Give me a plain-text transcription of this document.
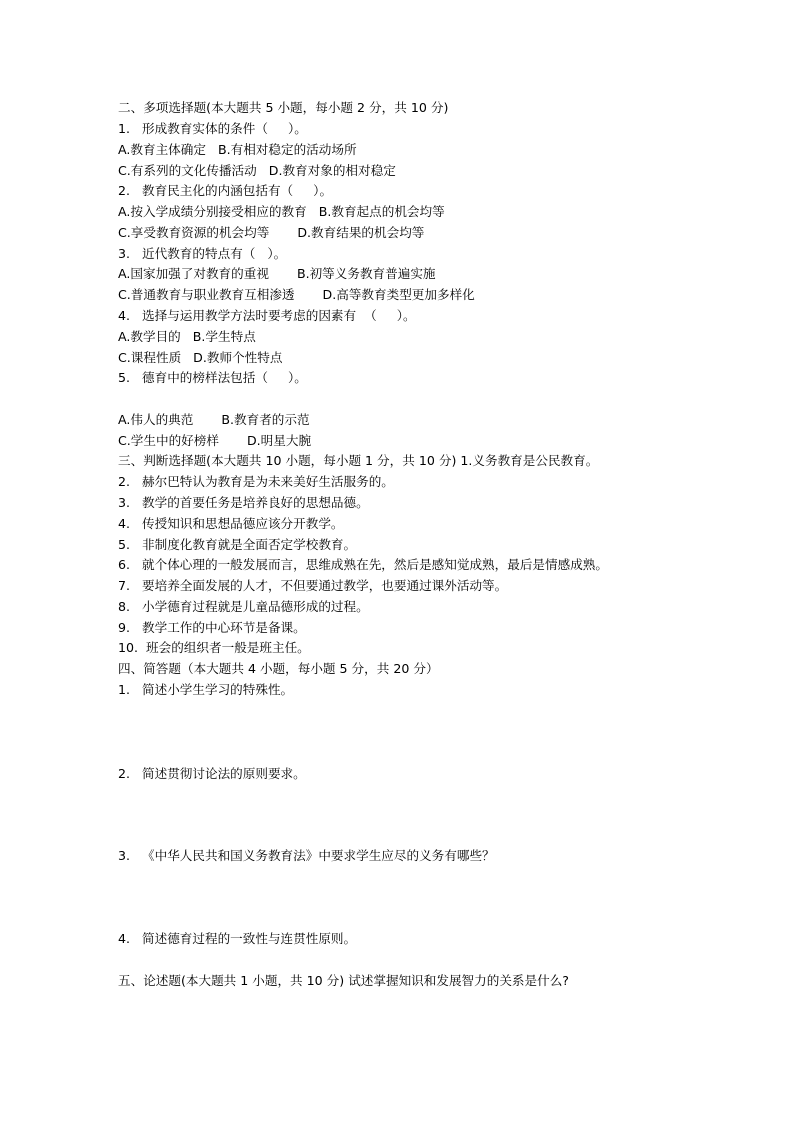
二、多项选择题(本大题共 5 小题，每小题 2 分，共 10 分)
1.   形成教育实体的条件（     ）。
A.教育主体确定   B.有相对稳定的活动场所
C.有系列的文化传播活动   D.教育对象的相对稳定
2.   教育民主化的内涵包括有（     ）。
A.按入学成绩分别接受相应的教育   B.教育起点的机会均等
C.享受教育资源的机会均等       D.教育结果的机会均等
3.   近代教育的特点有（   ）。
A.国家加强了对教育的重视       B.初等义务教育普遍实施
C.普通教育与职业教育互相渗透       D.高等教育类型更加多样化
4.   选择与运用教学方法时要考虑的因素有  （     ）。
A.教学目的   B.学生特点
C.课程性质   D.教师个性特点
5.   德育中的榜样法包括（     ）。
A.伟人的典范       B.教育者的示范
C.学生中的好榜样       D.明星大腕
三、判断选择题(本大题共 10 小题，每小题 1 分，共 10 分) 1.义务教育是公民教育。
2.   赫尔巴特认为教育是为未来美好生活服务的。
3.   教学的首要任务是培养良好的思想品德。
4.   传授知识和思想品德应该分开教学。
5.   非制度化教育就是全面否定学校教育。
6.   就个体心理的一般发展而言，思维成熟在先，然后是感知觉成熟，最后是情感成熟。
7.   要培养全面发展的人才，不但要通过教学，也要通过课外活动等。
8.   小学德育过程就是儿童品德形成的过程。
9.   教学工作的中心环节是备课。
10.  班会的组织者一般是班主任。
四、简答题（本大题共 4 小题，每小题 5 分，共 20 分）
1.   简述小学生学习的特殊性。
2.   简述贯彻讨论法的原则要求。
3.   《中华人民共和国义务教育法》中要求学生应尽的义务有哪些？
4.   简述德育过程的一致性与连贯性原则。
五、论述题(本大题共 1 小题，共 10 分) 试述掌握知识和发展智力的关系是什么?
